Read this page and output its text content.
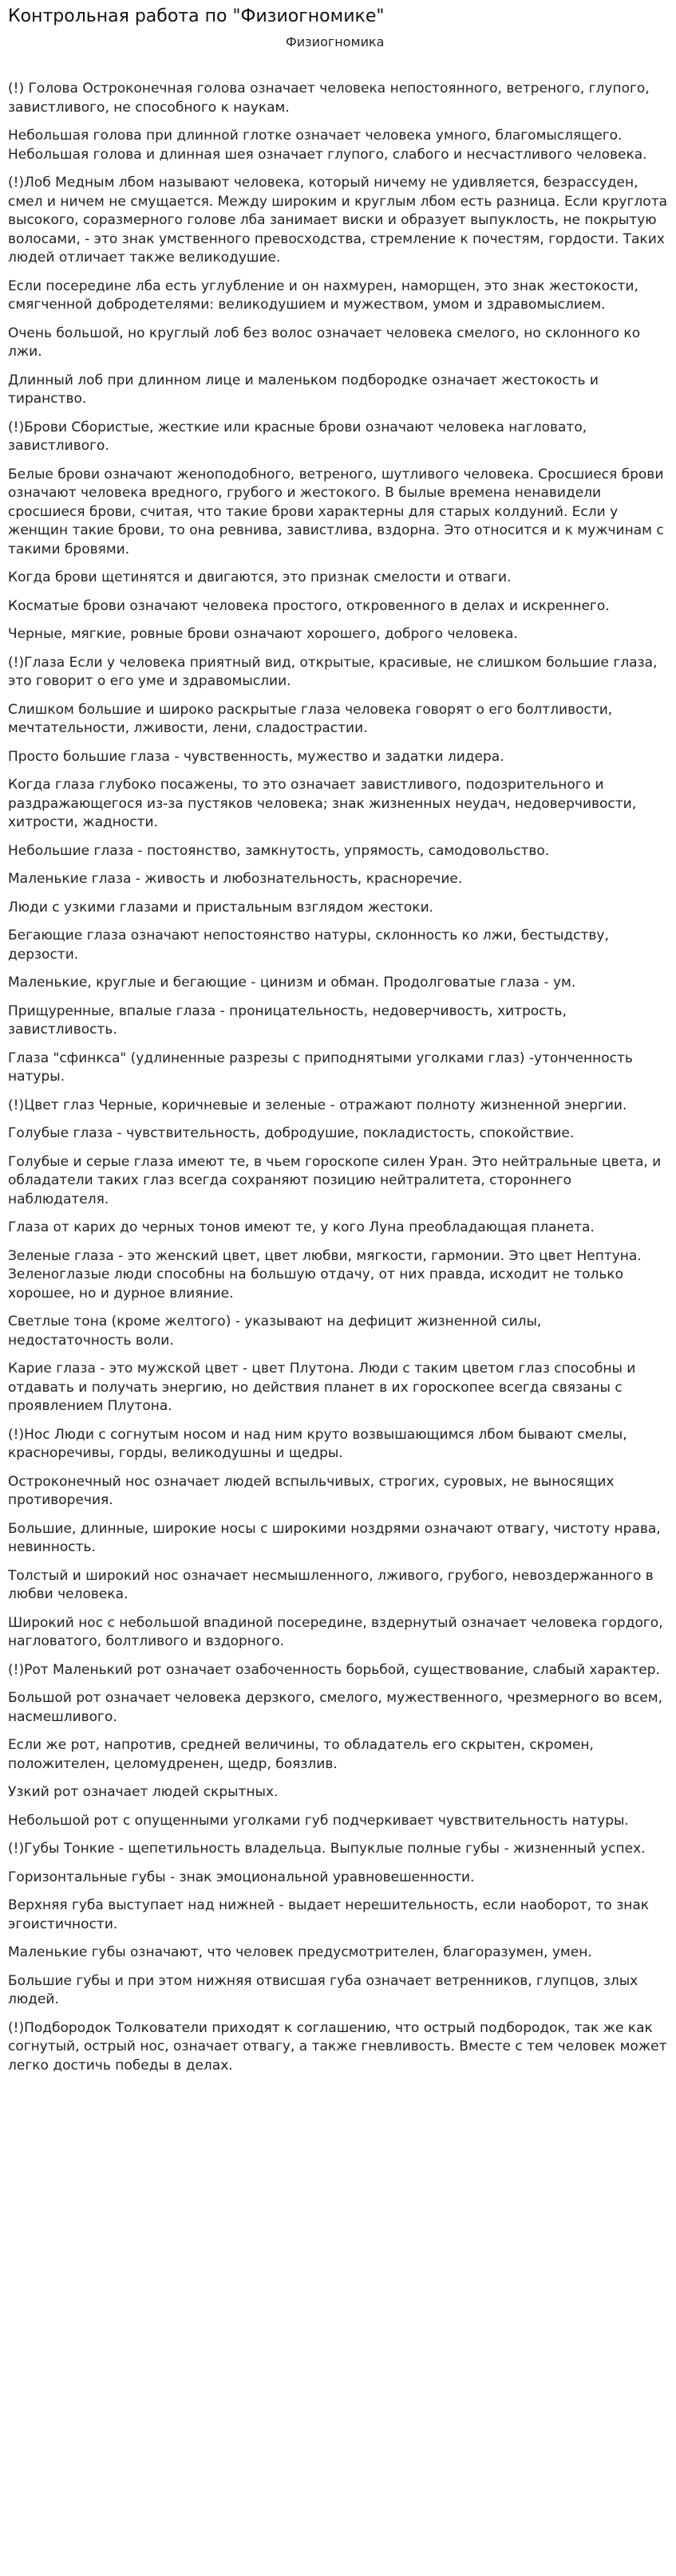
Контрольная работа по "Физиогномике"
Физиогномика

(!) Голова Остроконечная голова означает человека непостоянного, ветреного, глупого, завистливого, не способного к наукам.

Небольшая голова при длинной глотке означает человека умного, благомыслящего. Небольшая голова и длинная шея означает глупого, слабого и несчастливого человека.

(!)Лоб Медным лбом называют человека, который ничему не удивляется, безрассуден, смел и ничем не смущается. Между широким и круглым лбом есть разница. Если круглота высокого, соразмерного голове лба занимает виски и образует выпуклость, не покрытую волосами, - это знак умственного превосходства, стремление к почестям, гордости. Таких людей отличает также великодушие.

Если посередине лба есть углубление и он нахмурен, наморщен, это знак жестокости, смягченной добродетелями: великодушием и мужеством, умом и здравомыслием.

Очень большой, но круглый лоб без волос означает человека смелого, но склонного ко лжи.

Длинный лоб при длинном лице и маленьком подбородке означает жестокость и тиранство.

(!)Брови Сбористые, жесткие или красные брови означают человека нагловато, завистливого.

Белые брови означают женоподобного, ветреного, шутливого человека. Сросшиеся брови означают человека вредного, грубого и жестокого. В былые времена ненавидели сросшиеся брови, считая, что такие брови характерны для старых колдуний. Если у женщин такие брови, то она ревнива, завистлива, вздорна. Это относится и к мужчинам с такими бровями.

Когда брови щетинятся и двигаются, это признак смелости и отваги.

Косматые брови означают человека простого, откровенного в делах и искреннего.

Черные, мягкие, ровные брови означают хорошего, доброго человека.

(!)Глаза Если у человека приятный вид, открытые, красивые, не слишком большие глаза, это говорит о его уме и здравомыслии.

Слишком большие и широко раскрытые глаза человека говорят о его болтливости, мечтательности, лживости, лени, сладострастии.

Просто большие глаза - чувственность, мужество и задатки лидера.

Когда глаза глубоко посажены, то это означает завистливого, подозрительного и раздражающегося из-за пустяков человека; знак жизненных неудач, недоверчивости, хитрости, жадности.

Небольшие глаза - постоянство, замкнутость, упрямость, самодовольство.

Маленькие глаза - живость и любознательность, красноречие.

Люди с узкими глазами и пристальным взглядом жестоки.

Бегающие глаза означают непостоянство натуры, склонность ко лжи, бестыдству, дерзости.

Маленькие, круглые и бегающие - цинизм и обман. Продолговатые глаза - ум.

Прищуренные, впалые глаза - проницательность, недоверчивость, хитрость, завистливость.

Глаза "сфинкса" (удлиненные разрезы с приподнятыми уголками глаз) -утонченность натуры.

(!)Цвет глаз Черные, коричневые и зеленые - отражают полноту жизненной энергии.

Голубые глаза - чувствительность, добродушие, покладистость, спокойствие.

Голубые и серые глаза имеют те, в чьем гороскопе силен Уран. Это нейтральные цвета, и обладатели таких глаз всегда сохраняют позицию нейтралитета, стороннего наблюдателя.

Глаза от карих до черных тонов имеют те, у кого Луна преобладающая планета.

Зеленые глаза - это женский цвет, цвет любви, мягкости, гармонии. Это цвет Нептуна. Зеленоглазые люди способны на большую отдачу, от них правда, исходит не только хорошее, но и дурное влияние.

Светлые тона (кроме желтого) - указывают на дефицит жизненной силы, недостаточность воли.

Карие глаза - это мужской цвет - цвет Плутона. Люди с таким цветом глаз способны и отдавать и получать энергию, но действия планет в их гороскопее всегда связаны с проявлением Плутона.

(!)Нос Люди с согнутым носом и над ним круто возвышающимся лбом бывают смелы, красноречивы, горды, великодушны и щедры.

Остроконечный нос означает людей вспыльчивых, строгих, суровых, не выносящих противоречия.

Большие, длинные, широкие носы с широкими ноздрями означают отвагу, чистоту нрава, невинность.

Толстый и широкий нос означает несмышленного, лживого, грубого, невоздержанного в любви человека.

Широкий нос с небольшой впадиной посередине, вздернутый означает человека гордого, нагловатого, болтливого и вздорного.

(!)Рот Маленький рот означает озабоченность борьбой, существование, слабый характер.

Большой рот означает человека дерзкого, смелого, мужественного, чрезмерного во всем, насмешливого.

Если же рот, напротив, средней величины, то обладатель его скрытен, скромен, положителен, целомудренен, щедр, боязлив.

Узкий рот означает людей скрытных.

Небольшой рот с опущенными уголками губ подчеркивает чувствительность натуры.

(!)Губы Тонкие - щепетильность владельца. Выпуклые полные губы - жизненный успех.

Горизонтальные губы - знак эмоциональной уравновешенности.

Верхняя губа выступает над нижней - выдает нерешительность, если наоборот, то знак эгоистичности.

Маленькие губы означают, что человек предусмотрителен, благоразумен, умен.

Большие губы и при этом нижняя отвисшая губа означает ветренников, глупцов, злых людей.

(!)Подбородок Толкователи приходят к соглашению, что острый подбородок, так же как согнутый, острый нос, означает отвагу, а также гневливость. Вместе с тем человек может легко достичь победы в делах.
